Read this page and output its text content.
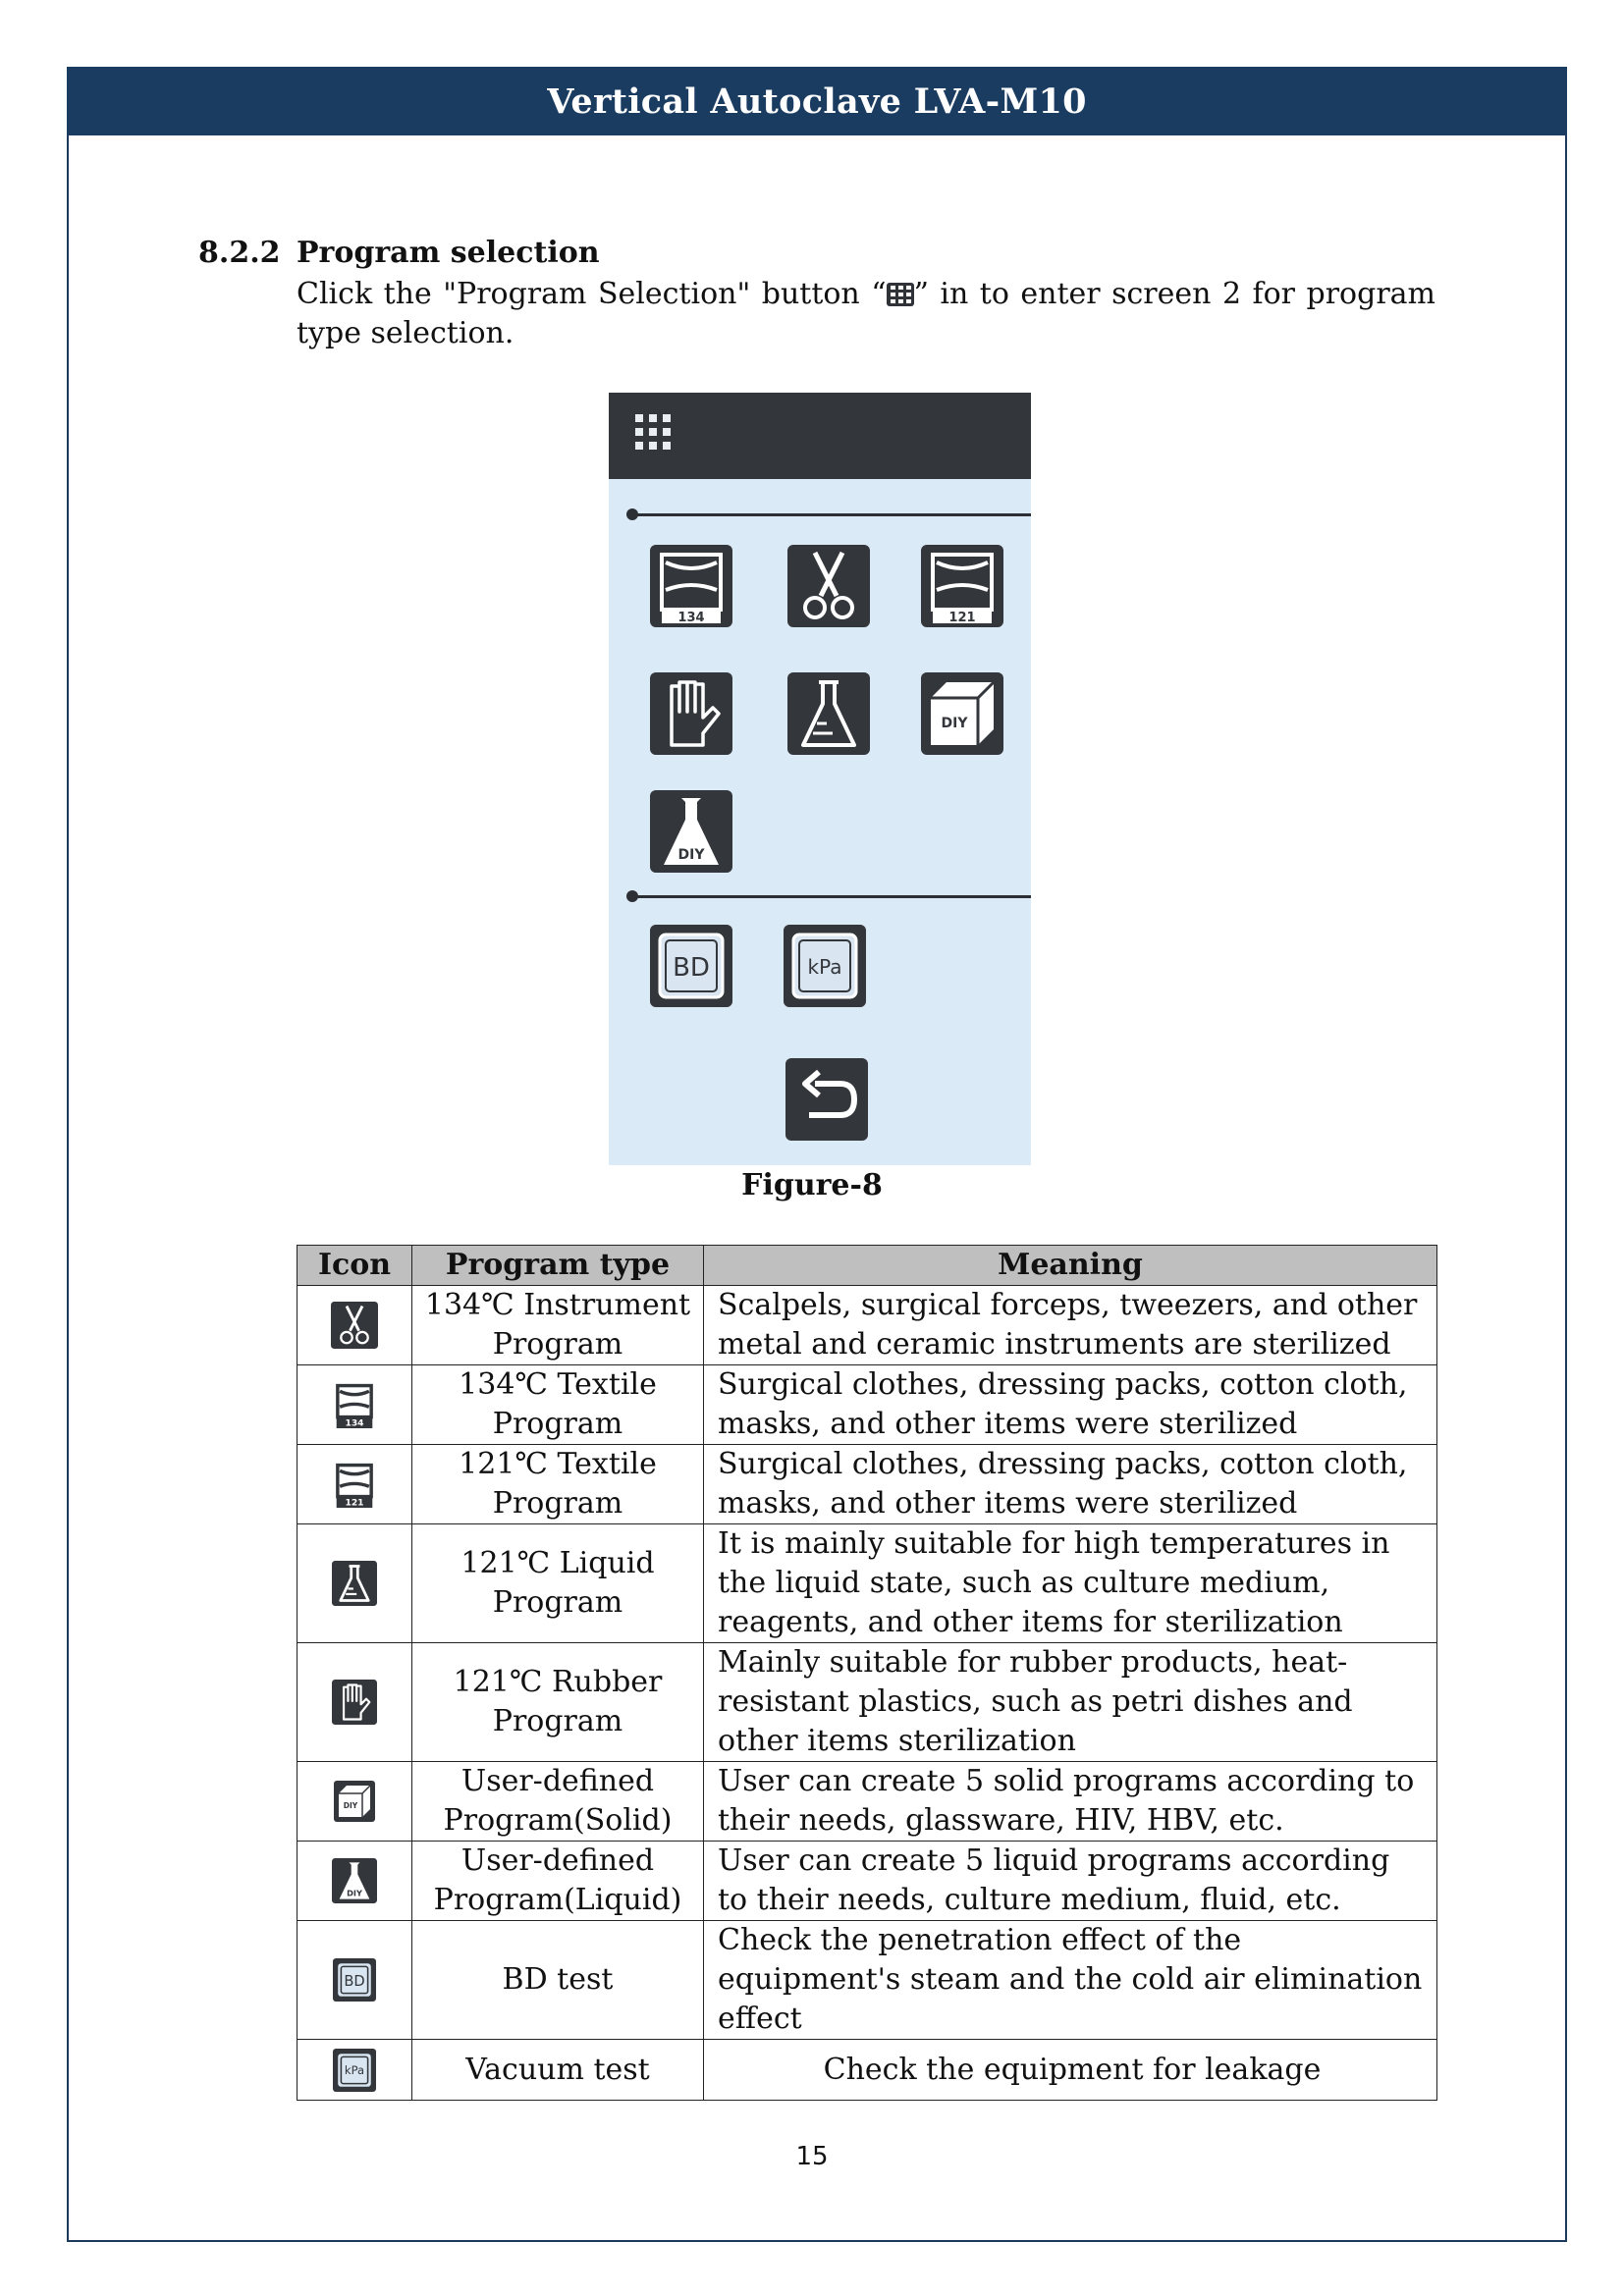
Vertical Autoclave LVA-M10
8.2.2 Program selection
Click the "Program Selection" button “ ” in to enter screen 2 for program type selection.
134	121
DIY
DIY
BD	kPa
Figure-8
Icon	Program type	Meaning
	134℃ Instrument Program	Scalpels, surgical forceps, tweezers, and other metal and ceramic instruments are sterilized

134	134℃ Textile Program	Surgical clothes, dressing packs, cotton cloth, masks, and other items were sterilized

121	121℃ Textile Program	Surgical clothes, dressing packs, cotton cloth, masks, and other items were sterilized
	121℃ Liquid Program	It is mainly suitable for high temperatures in the liquid state, such as culture medium, reagents, and other items for sterilization
	121℃ Rubber Program	Mainly suitable for rubber products, heat-resistant plastics, such as petri dishes and other items sterilization

DIY	User-defined Program(Solid)	User can create 5 solid programs according to their needs, glassware, HIV, HBV, etc.

DIY	User-defined Program(Liquid)	User can create 5 liquid programs according to their needs, culture medium, fluid, etc.

BD	BD test	Check the penetration effect of the equipment's steam and the cold air elimination effect

kPa	Vacuum test	Check the equipment for leakage
15
